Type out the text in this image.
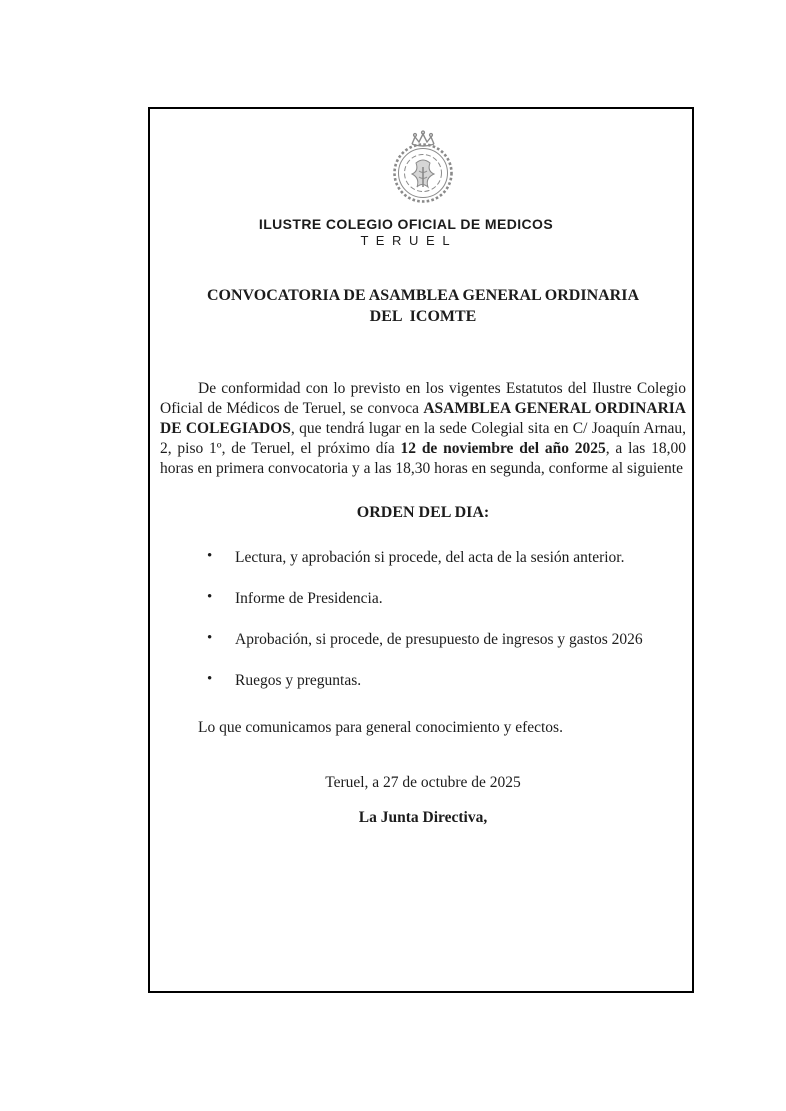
ILUSTRE COLEGIO OFICIAL DE MEDICOS
T E R U E L
CONVOCATORIA DE ASAMBLEA GENERAL ORDINARIA
DEL  ICOMTE

De conformidad con lo previsto en los vigentes Estatutos del Ilustre Colegio Oficial de Médicos de Teruel, se convoca ASAMBLEA GENERAL ORDINARIA DE COLEGIADOS, que tendrá lugar en la sede Colegial sita en C/ Joaquín Arnau, 2, piso 1º, de Teruel, el próximo día 12 de noviembre del año 2025, a las 18,00 horas en primera convocatoria y a las 18,30 horas en segunda, conforme al siguiente

ORDEN DEL DIA:
• Lectura, y aprobación si procede, del acta de la sesión anterior.
• Informe de Presidencia.
• Aprobación, si procede, de presupuesto de ingresos y gastos 2026
• Ruegos y preguntas.

Lo que comunicamos para general conocimiento y efectos.

Teruel, a 27 de octubre de 2025

La Junta Directiva,
